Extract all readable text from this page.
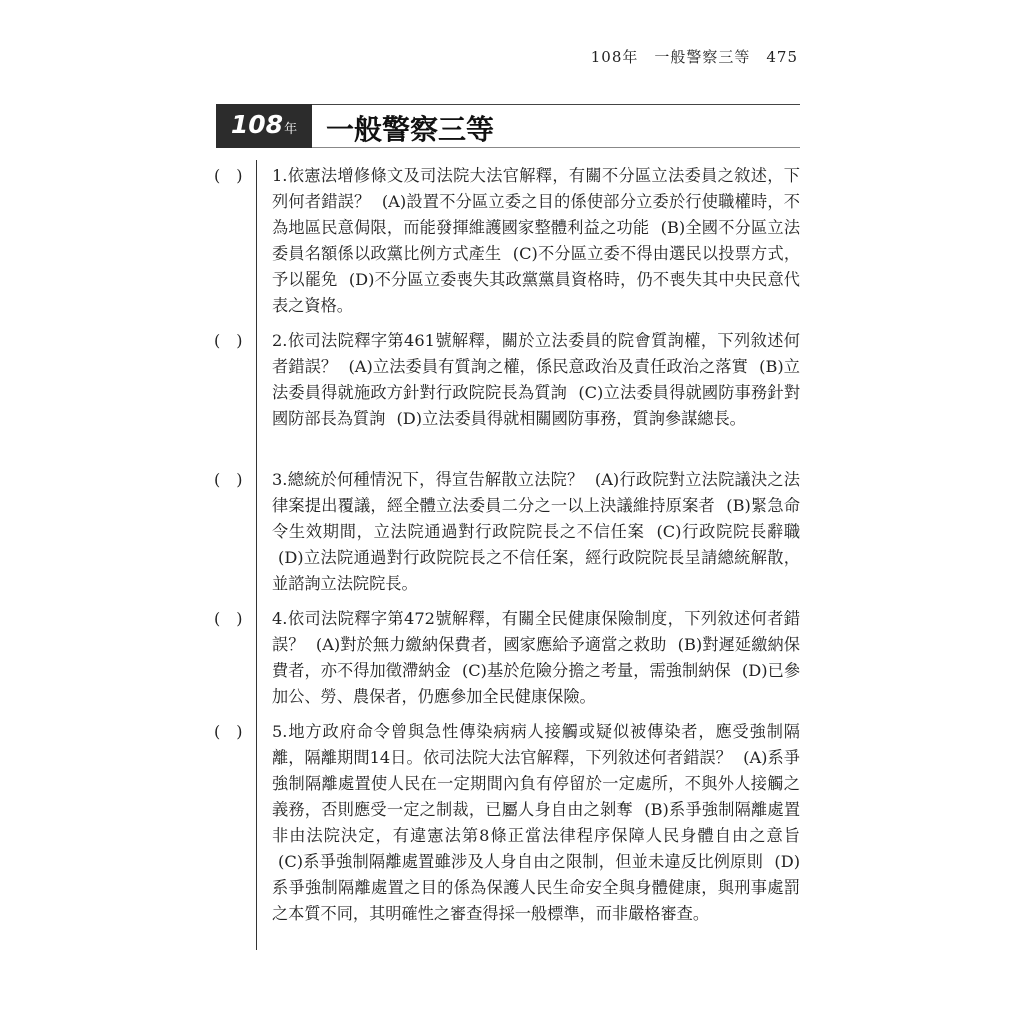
108年　一般警察三等　475
108 年 一般警察三等
(　) 1.依憲法增修條文及司法院大法官解釋，有關不分區立法委員之敘述，下列何者錯誤？ (A)設置不分區立委之目的係使部分立委於行使職權時，不為地區民意侷限，而能發揮維護國家整體利益之功能 (B)全國不分區立法委員名額係以政黨比例方式產生 (C)不分區立委不得由選民以投票方式，予以罷免 (D)不分區立委喪失其政黨黨員資格時，仍不喪失其中央民意代表之資格。
(　) 2.依司法院釋字第461號解釋，關於立法委員的院會質詢權，下列敘述何者錯誤？ (A)立法委員有質詢之權，係民意政治及責任政治之落實 (B)立法委員得就施政方針對行政院院長為質詢 (C)立法委員得就國防事務針對國防部長為質詢 (D)立法委員得就相關國防事務，質詢參謀總長。
(　) 3.總統於何種情況下，得宣告解散立法院？ (A)行政院對立法院議決之法律案提出覆議，經全體立法委員二分之一以上決議維持原案者 (B)緊急命令生效期間，立法院通過對行政院院長之不信任案 (C)行政院院長辭職 (D)立法院通過對行政院院長之不信任案，經行政院院長呈請總統解散，並諮詢立法院院長。
(　) 4.依司法院釋字第472號解釋，有關全民健康保險制度，下列敘述何者錯誤？ (A)對於無力繳納保費者，國家應給予適當之救助 (B)對遲延繳納保費者，亦不得加徵滯納金 (C)基於危險分擔之考量，需強制納保 (D)已參加公、勞、農保者，仍應參加全民健康保險。
(　) 5.地方政府命令曾與急性傳染病病人接觸或疑似被傳染者，應受強制隔離，隔離期間14日。依司法院大法官解釋，下列敘述何者錯誤？ (A)系爭強制隔離處置使人民在一定期間內負有停留於一定處所，不與外人接觸之義務，否則應受一定之制裁，已屬人身自由之剝奪 (B)系爭強制隔離處置非由法院決定，有違憲法第8條正當法律程序保障人民身體自由之意旨 (C)系爭強制隔離處置雖涉及人身自由之限制，但並未違反比例原則 (D)系爭強制隔離處置之目的係為保護人民生命安全與身體健康，與刑事處罰之本質不同，其明確性之審查得採一般標準，而非嚴格審查。
